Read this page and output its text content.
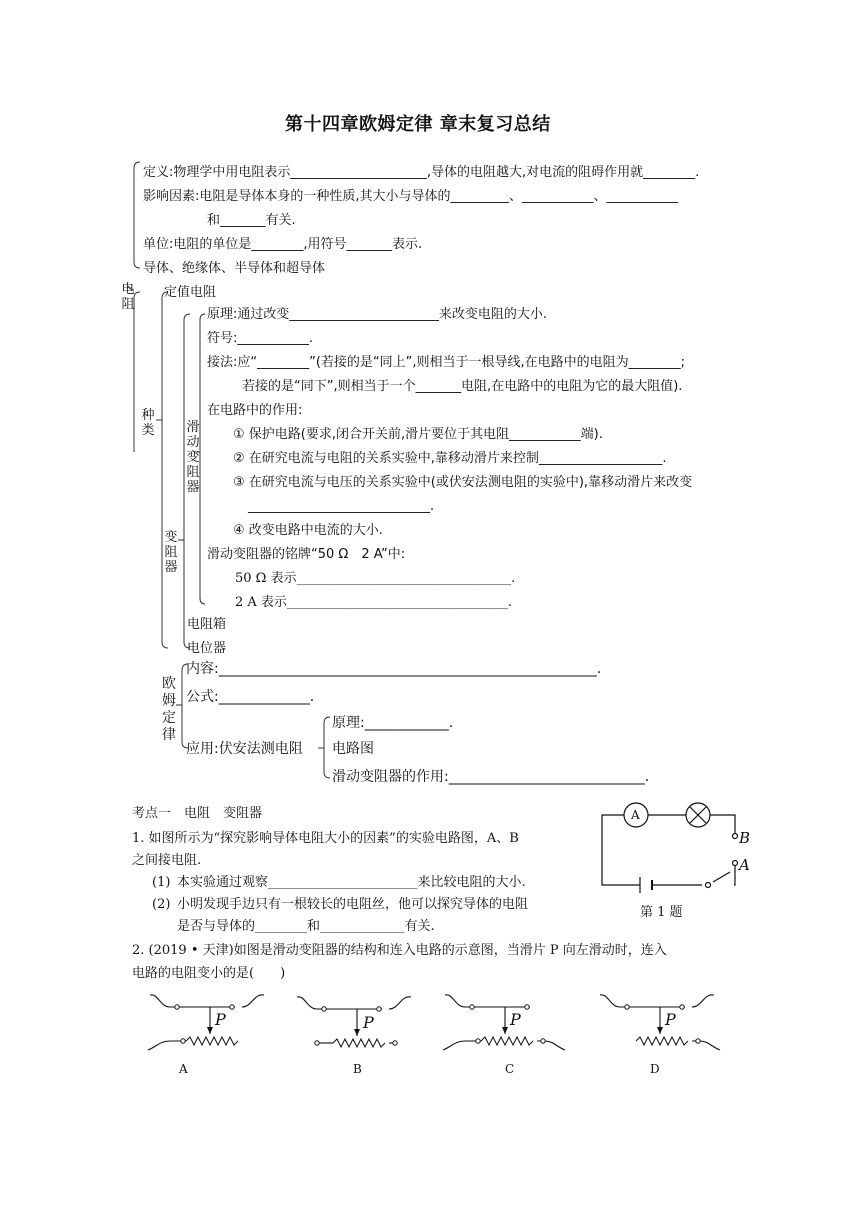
第十四章欧姆定律 章末复习总结
定义:物理学中用电阻表示_____________________,导体的电阻越大,对电流的阻碍作用就________.
影响因素:电阻是导体本身的一种性质,其大小与导体的_________、___________、___________
和_______有关.
单位:电阻的单位是________,用符号_______表示.
导体、绝缘体、半导体和超导体
电阻
种类
变阻器
滑动变阻器
欧姆定律
定值电阻
原理:通过改变_______________________来改变电阻的大小.
符号:___________.
接法:应“________”(若接的是“同上”,则相当于一根导线,在电路中的电阻为________;
若接的是“同下”,则相当于一个_______电阻,在电路中的电阻为它的最大阻值).
在电路中的作用:
① 保护电路(要求,闭合开关前,滑片要位于其电阻___________端).
② 在研究电流与电阻的关系实验中,靠移动滑片来控制___________________.
③ 在研究电流与电压的关系实验中(或伏安法测电阻的实验中),靠移动滑片来改变
____________________________.
④ 改变电路中电流的大小.
滑动变阻器的铭牌“50 Ω　2 A”中:
50 Ω 表示_________________________________.
2 A 表示__________________________________.
电阻箱
电位器
内容:______________________________________________________.
公式:_____________.
应用:伏安法测电阻
原理:____________.
电路图
滑动变阻器的作用:____________________________.
考点一　电阻　变阻器
1. 如图所示为“探究影响导体电阻大小的因素”的实验电路图，A、B
之间接电阻.
(1) 本实验通过观察_______________________来比较电阻的大小.
(2) 小明发现手边只有一根较长的电阻丝，他可以探究导体的电阻
是否与导体的________和_____________有关.
A
B
A
第 1 题
2. (2019 • 天津)如图是滑动变阻器的结构和连入电路的示意图，当滑片 P 向左滑动时，连入
电路的电阻变小的是(　　)
P	P	P	P
A	B	C	D
